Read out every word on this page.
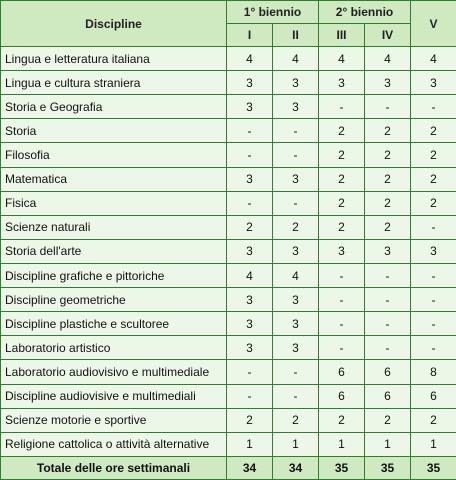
Discipline	1° biennio		2° biennio		V
	I	II	III	IV	
Lingua e letteratura italiana	4	4	4	4	4
Lingua e cultura straniera	3	3	3	3	3
Storia e Geografia	3	3	-	-	-
Storia	-	-	2	2	2
Filosofia	-	-	2	2	2
Matematica	3	3	2	2	2
Fisica	-	-	2	2	2
Scienze naturali	2	2	2	2	-
Storia dell'arte	3	3	3	3	3
Discipline grafiche e pittoriche	4	4	-	-	-
Discipline geometriche	3	3	-	-	-
Discipline plastiche e scultoree	3	3	-	-	-
Laboratorio artistico	3	3	-	-	-
Laboratorio audiovisivo e multimediale	-	-	6	6	8
Discipline audiovisive e multimediali	-	-	6	6	6
Scienze motorie e sportive	2	2	2	2	2
Religione cattolica o attività alternative	1	1	1	1	1
Totale delle ore settimanali	34	34	35	35	35
